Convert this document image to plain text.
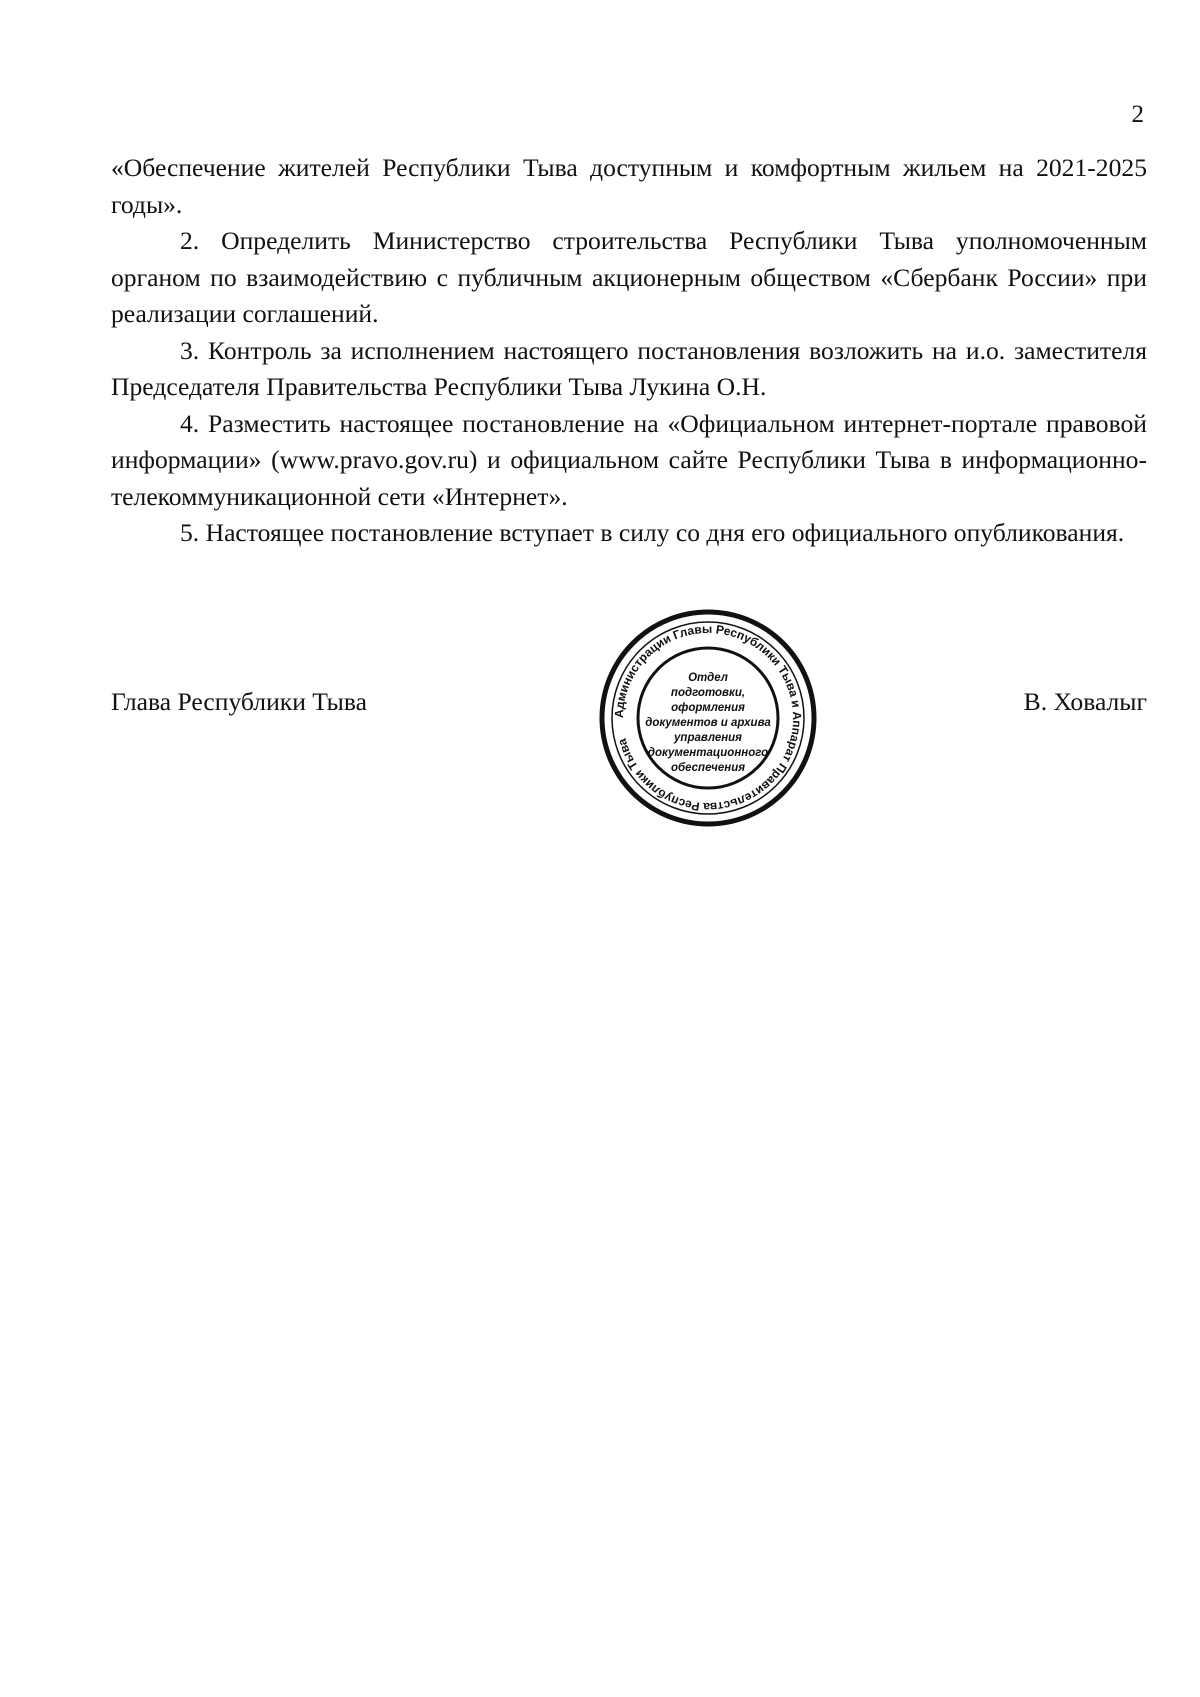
2

«Обеспечение жителей Республики Тыва доступным и комфортным жильем на 2021-2025 годы».

2. Определить Министерство строительства Республики Тыва уполномоченным органом по взаимодействию с публичным акционерным обществом «Сбербанк России» при реализации соглашений.

3. Контроль за исполнением настоящего постановления возложить на и.о. заместителя Председателя Правительства Республики Тыва Лукина О.Н.

4. Разместить настоящее постановление на «Официальном интернет-портале правовой информации» (www.pravo.gov.ru) и официальном сайте Республики Тыва в информационно-телекоммуникационной сети «Интернет».

5. Настоящее постановление вступает в силу со дня его официального опубликования.

Глава Республики Тыва	В. Ховалыг
Администрации Главы Республики Тыва и Аппарат Правительства Республики Тыва
Отдел
подготовки,
оформления
документов и архива
управления
документационного
обеспечения
